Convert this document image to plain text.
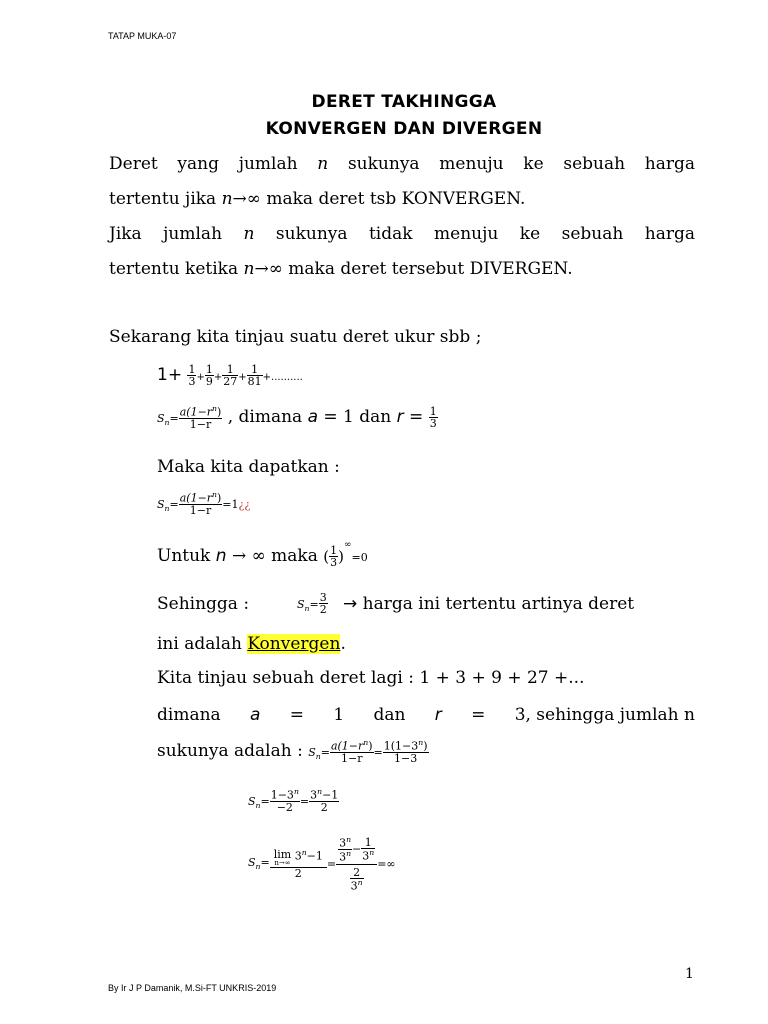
TATAP MUKA-07
DERET TAKHINGGA
KONVERGEN DAN DIVERGEN
Deret yang jumlah n sukunya menuju ke sebuah harga
tertentu jika n→∞ maka deret tsb KONVERGEN.
Jika jumlah n sukunya tidak menuju ke sebuah harga
tertentu ketika n→∞ maka deret tersebut DIVERGEN.
Sekarang kita tinjau suatu deret ukur sbb ;
$1+ \frac{1}{3} + \frac{1}{9} + \frac{1}{27} + \frac{1}{81}$ +..........
$S_n= \frac{a(1-r^n)}{1-r}$ , dimana a = 1 dan $r = \frac{1}{3}$
Maka kita dapatkan :
$S_n= \frac{a(1-r^n)}{1-r}$ =1¿¿
Untuk n → ∞ maka ( $\frac{1}{3} )^\infty=0$
Sehingga :	$S_n= \frac{3}{2}$ → harga ini tertentu artinya deret
ini adalah Konvergen.
Kita tinjau sebuah deret lagi : 1 + 3 + 9 + 27 +...
dimana a = 1 dan r = 3, sehingga jumlah n
sukunya adalah : $S_n= \frac{a(1-r^n)}{1-r} = \frac{1(1-3^n)}{1-3}$
$S_n= \frac{1-3^n}{-2} = \frac{3^n-1}{2}$
$S_n= \lim$
n→∞
$3^n-1$
$2 = \frac{\frac{3^n}{3^n} - \frac{1}{3^n}}{\frac{2}{3^n}}$ =∞
1
By Ir J P Damanik, M.Si-FT UNKRIS-2019
